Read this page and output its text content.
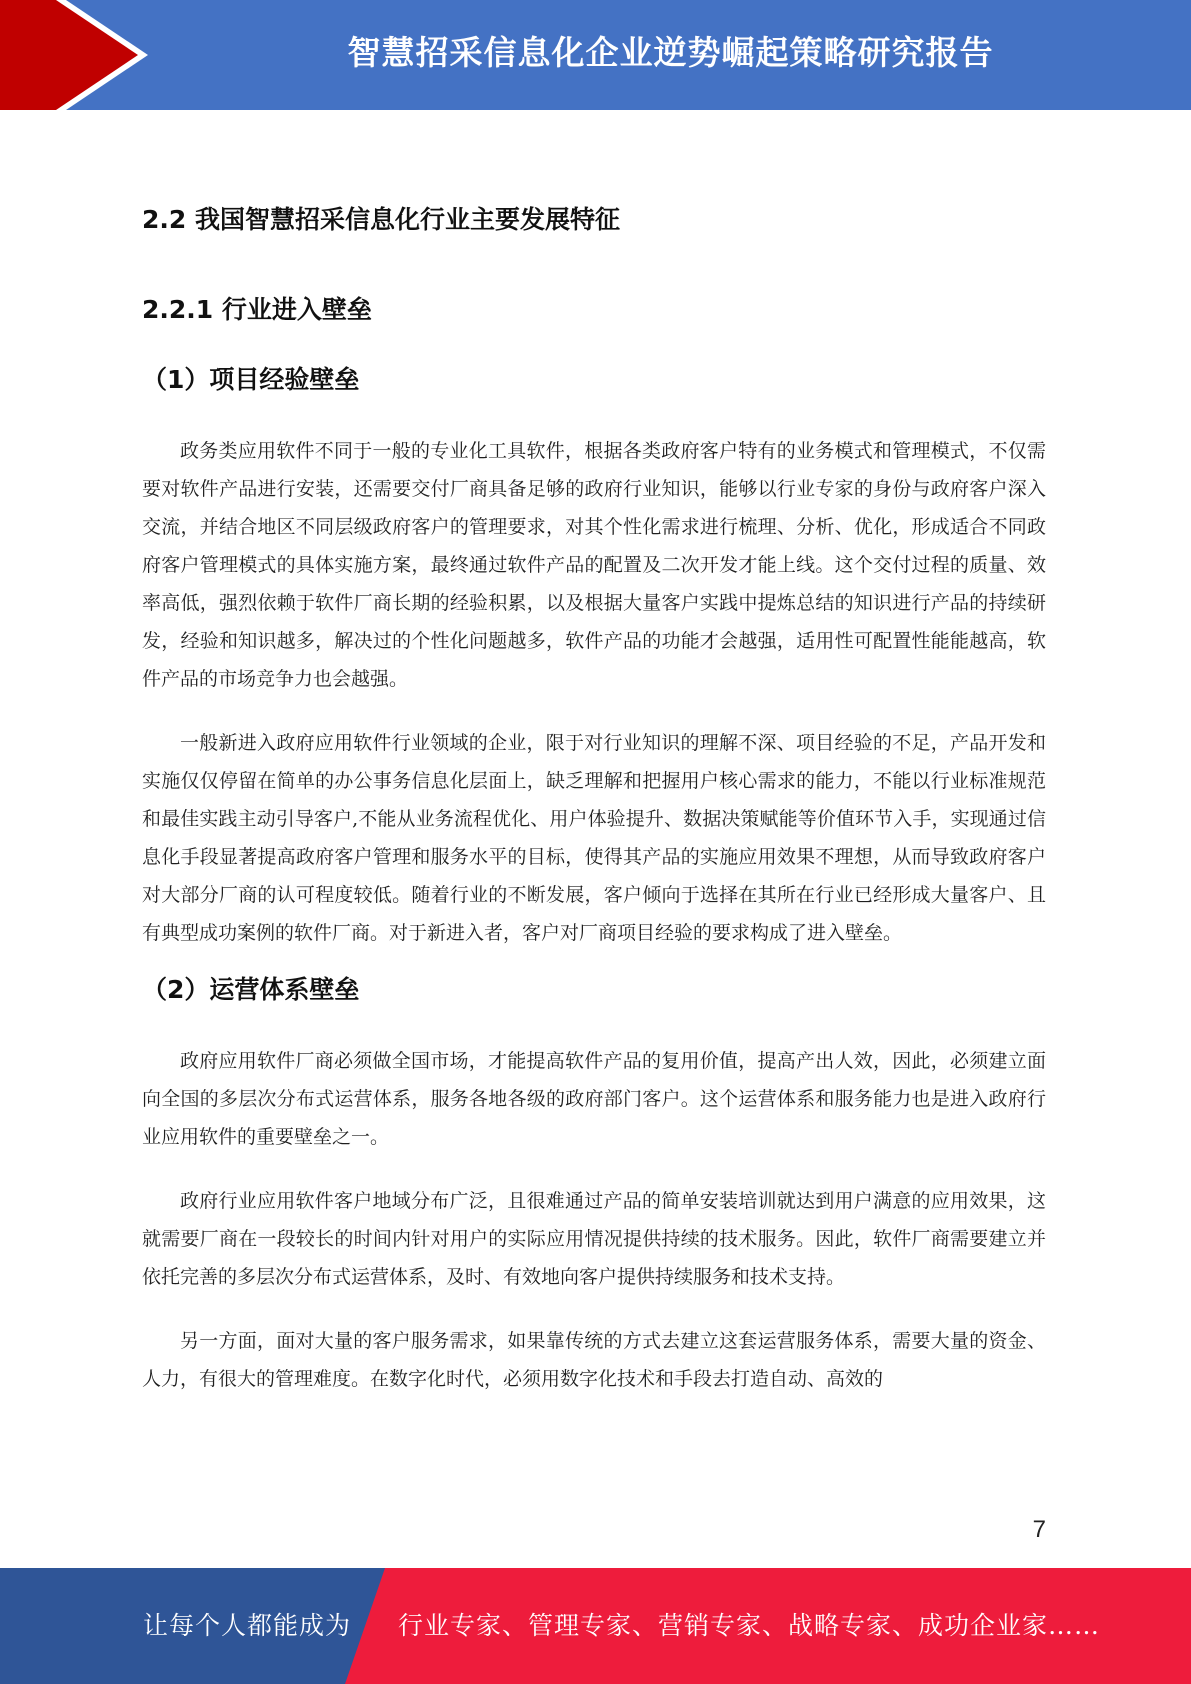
智慧招采信息化企业逆势崛起策略研究报告
2.2 我国智慧招采信息化行业主要发展特征
2.2.1 行业进入壁垒
（1）项目经验壁垒

政务类应用软件不同于一般的专业化工具软件，根据各类政府客户特有的业务模式和管理模式，不仅需要对软件产品进行安装，还需要交付厂商具备足够的政府行业知识，能够以行业专家的身份与政府客户深入交流，并结合地区不同层级政府客户的管理要求，对其个性化需求进行梳理、分析、优化，形成适合不同政府客户管理模式的具体实施方案，最终通过软件产品的配置及二次开发才能上线。这个交付过程的质量、效率高低，强烈依赖于软件厂商长期的经验积累，以及根据大量客户实践中提炼总结的知识进行产品的持续研发，经验和知识越多，解决过的个性化问题越多，软件产品的功能才会越强，适用性可配置性能能越高，软件产品的市场竞争力也会越强。

一般新进入政府应用软件行业领域的企业，限于对行业知识的理解不深、项目经验的不足，产品开发和实施仅仅停留在简单的办公事务信息化层面上，缺乏理解和把握用户核心需求的能力，不能以行业标准规范和最佳实践主动引导客户,不能从业务流程优化、用户体验提升、数据决策赋能等价值环节入手，实现通过信息化手段显著提高政府客户管理和服务水平的目标，使得其产品的实施应用效果不理想，从而导致政府客户对大部分厂商的认可程度较低。随着行业的不断发展，客户倾向于选择在其所在行业已经形成大量客户、且有典型成功案例的软件厂商。对于新进入者，客户对厂商项目经验的要求构成了进入壁垒。

（2）运营体系壁垒

政府应用软件厂商必须做全国市场，才能提高软件产品的复用价值，提高产出人效，因此，必须建立面向全国的多层次分布式运营体系，服务各地各级的政府部门客户。这个运营体系和服务能力也是进入政府行业应用软件的重要壁垒之一。

政府行业应用软件客户地域分布广泛，且很难通过产品的简单安装培训就达到用户满意的应用效果，这就需要厂商在一段较长的时间内针对用户的实际应用情况提供持续的技术服务。因此，软件厂商需要建立并依托完善的多层次分布式运营体系，及时、有效地向客户提供持续服务和技术支持。

另一方面，面对大量的客户服务需求，如果靠传统的方式去建立这套运营服务体系，需要大量的资金、人力，有很大的管理难度。在数字化时代，必须用数字化技术和手段去打造自动、高效的

7
让每个人都能成为 行业专家、管理专家、营销专家、战略专家、成功企业家……
